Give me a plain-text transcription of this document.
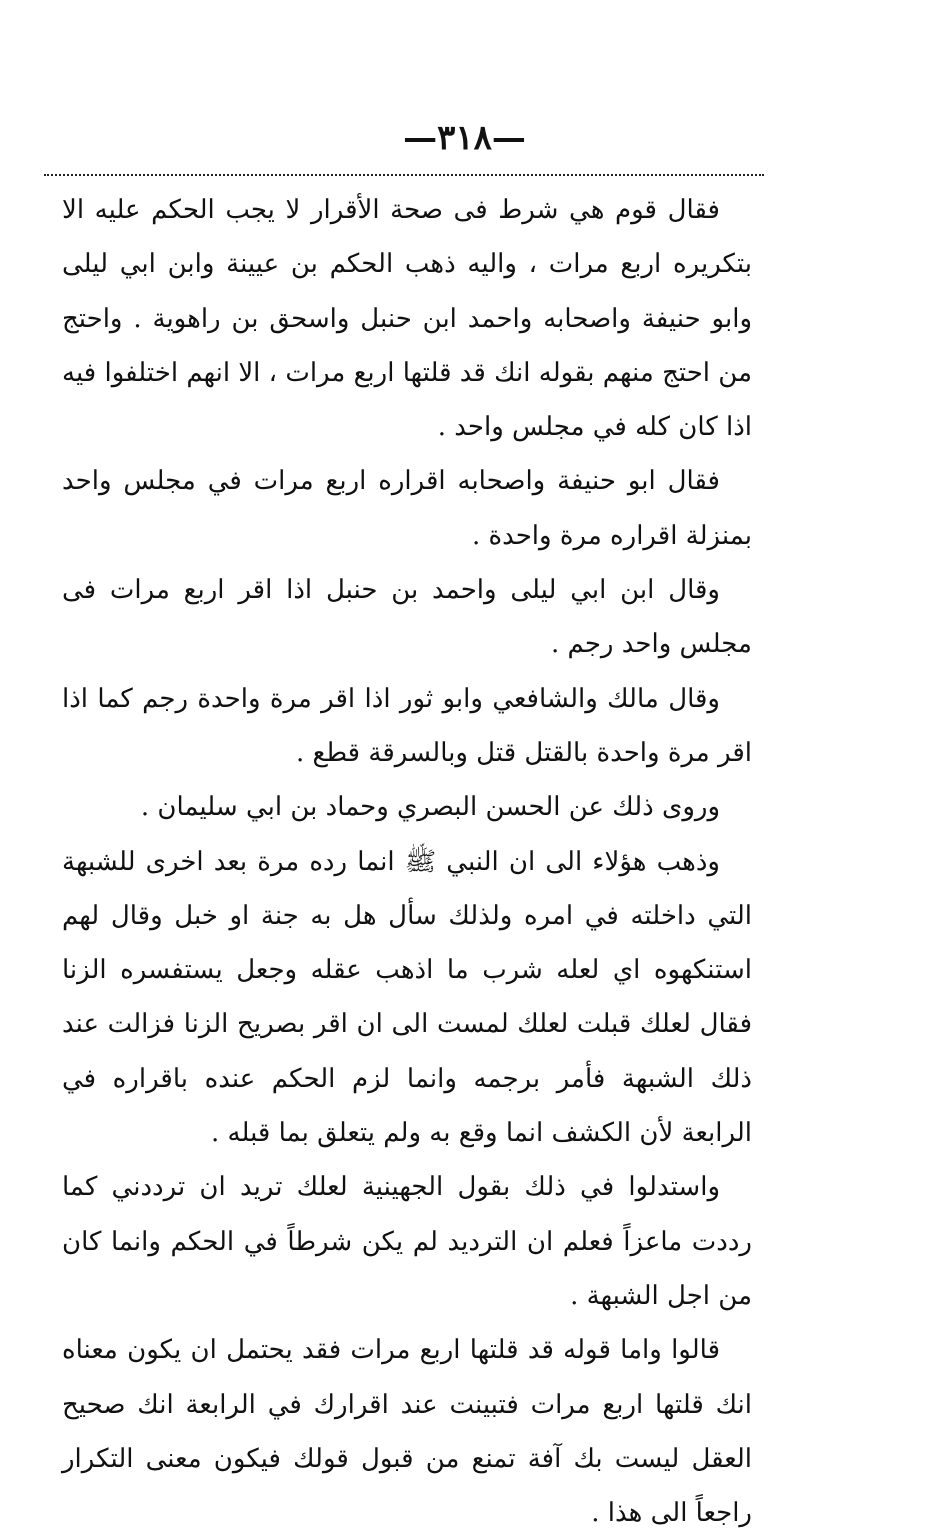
—٣١٨—

فقال قوم هي شرط فى صحة الأقرار لا يجب الحكم عليه الا بتكريره اربع مرات ، واليه ذهب الحكم بن عيينة وابن ابي ليلى وابو حنيفة واصحابه واحمد ابن حنبل واسحق بن راهوية . واحتج من احتج منهم بقوله انك قد قلتها اربع مرات ، الا انهم اختلفوا فيه اذا كان كله في مجلس واحد .

فقال ابو حنيفة واصحابه اقراره اربع مرات في مجلس واحد بمنزلة اقراره مرة واحدة .

وقال ابن ابي ليلى واحمد بن حنبل اذا اقر اربع مرات فى مجلس واحد رجم .

وقال مالك والشافعي وابو ثور اذا اقر مرة واحدة رجم كما اذا اقر مرة واحدة بالقتل قتل وبالسرقة قطع .

وروى ذلك عن الحسن البصري وحماد بن ابي سليمان .

وذهب هؤلاء الى ان النبي ﷺ انما رده مرة بعد اخرى للشبهة التي داخلته في امره ولذلك سأل هل به جنة او خبل وقال لهم استنكهوه اي لعله شرب ما اذهب عقله وجعل يستفسره الزنا فقال لعلك قبلت لعلك لمست الى ان اقر بصريح الزنا فزالت عند ذلك الشبهة فأمر برجمه وانما لزم الحكم عنده باقراره في الرابعة لأن الكشف انما وقع به ولم يتعلق بما قبله .

واستدلوا في ذلك بقول الجهينية لعلك تريد ان ترددني كما رددت ماعزاً فعلم ان الترديد لم يكن شرطاً في الحكم وانما كان من اجل الشبهة .

قالوا واما قوله قد قلتها اربع مرات فقد يحتمل ان يكون معناه انك قلتها اربع مرات فتبينت عند اقرارك في الرابعة انك صحيح العقل ليست بك آفة تمنع من قبول قولك فيكون معنى التكرار راجعاً الى هذا .
